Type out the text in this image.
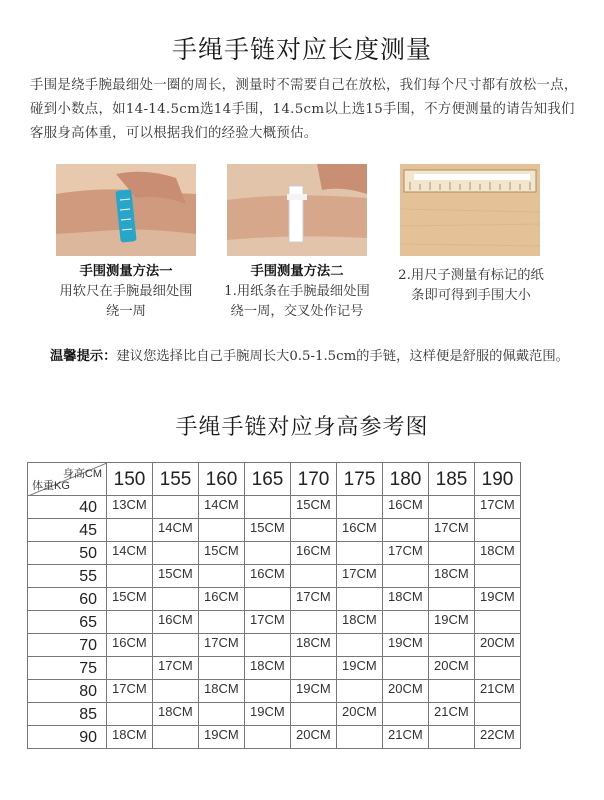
手绳手链对应长度测量
手围是绕手腕最细处一圈的周长，测量时不需要自己在放松，我们每个尺寸都有放松一点，碰到小数点，如14-14.5cm选14手围，14.5cm以上选15手围，不方便测量的请告知我们客服身高体重，可以根据我们的经验大概预估。
手围测量方法一
用软尺在手腕最细处围绕一周
手围测量方法二
1.用纸条在手腕最细处围绕一周，交叉处作记号
2.用尺子测量有标记的纸条即可得到手围大小
温馨提示：建议您选择比自己手腕周长大0.5-1.5cm的手链，这样便是舒服的佩戴范围。
手绳手链对应身高参考图
身高CM
体重KG	150	155	160	165	170	175	180	185	190
40	13CM		14CM		15CM		16CM		17CM
45		14CM		15CM		16CM		17CM	
50	14CM		15CM		16CM		17CM		18CM
55		15CM		16CM		17CM		18CM	
60	15CM		16CM		17CM		18CM		19CM
65		16CM		17CM		18CM		19CM	
70	16CM		17CM		18CM		19CM		20CM
75		17CM		18CM		19CM		20CM	
80	17CM		18CM		19CM		20CM		21CM
85		18CM		19CM		20CM		21CM	
90	18CM		19CM		20CM		21CM		22CM
